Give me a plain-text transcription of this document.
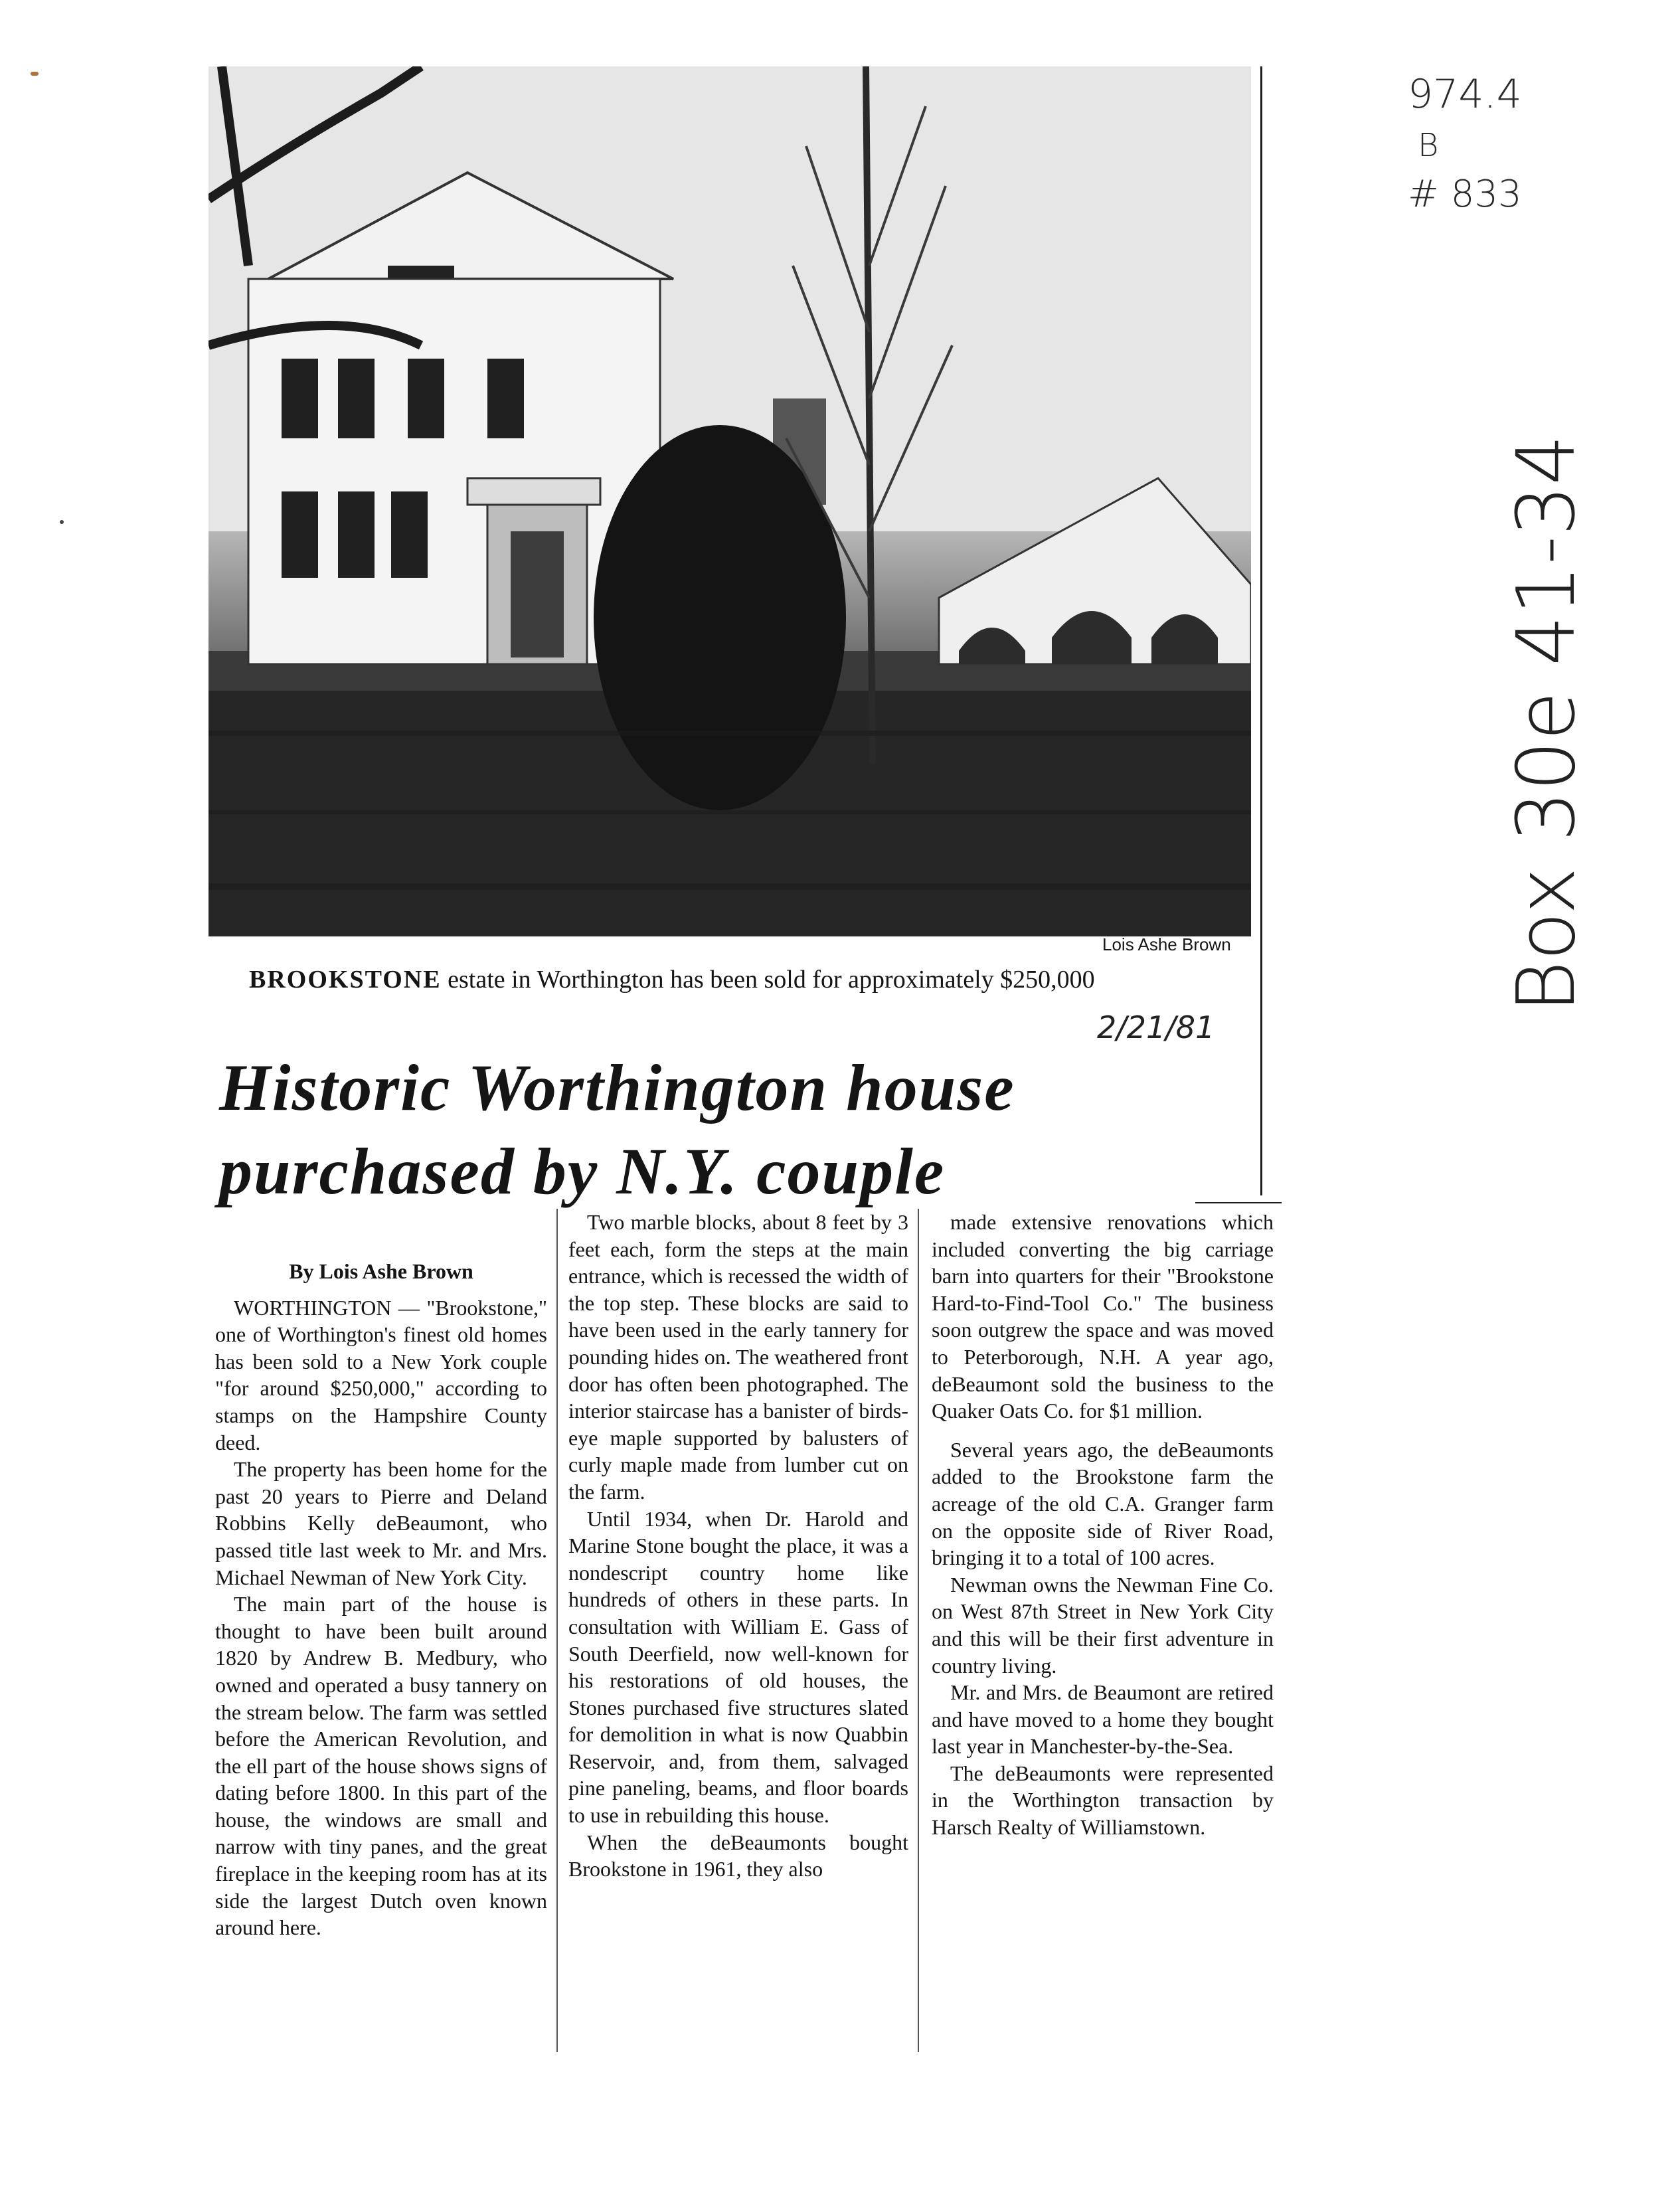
974.4
B
# 833
Box 30e 41-34
Lois Ashe Brown
BROOKSTONE estate in Worthington has been sold for approximately $250,000
2/21/81
Historic Worthington house
purchased by N.Y. couple

By Lois Ashe Brown

WORTHINGTON — "Brookstone," one of Worthington's finest old homes has been sold to a New York couple "for around $250,000," according to stamps on the Hampshire County deed.

The property has been home for the past 20 years to Pierre and Deland Robbins Kelly deBeaumont, who passed title last week to Mr. and Mrs. Michael Newman of New York City.

The main part of the house is thought to have been built around 1820 by Andrew B. Medbury, who owned and operated a busy tannery on the stream below. The farm was settled before the American Revolution, and the ell part of the house shows signs of dating before 1800. In this part of the house, the windows are small and narrow with tiny panes, and the great fireplace in the keeping room has at its side the largest Dutch oven known around here.

Two marble blocks, about 8 feet by 3 feet each, form the steps at the main entrance, which is recessed the width of the top step. These blocks are said to have been used in the early tannery for pounding hides on. The weathered front door has often been photographed. The interior staircase has a banister of birds-eye maple supported by balusters of curly maple made from lumber cut on the farm.

Until 1934, when Dr. Harold and Marine Stone bought the place, it was a nondescript country home like hundreds of others in these parts. In consultation with William E. Gass of South Deerfield, now well-known for his restorations of old houses, the Stones purchased five structures slated for demolition in what is now Quabbin Reservoir, and, from them, salvaged pine paneling, beams, and floor boards to use in rebuilding this house.

When the deBeaumonts bought Brookstone in 1961, they also

made extensive renovations which included converting the big carriage barn into quarters for their "Brookstone Hard-to-Find-Tool Co." The business soon outgrew the space and was moved to Peterborough, N.H. A year ago, deBeaumont sold the business to the Quaker Oats Co. for $1 million.

Several years ago, the deBeaumonts added to the Brookstone farm the acreage of the old C.A. Granger farm on the opposite side of River Road, bringing it to a total of 100 acres.

Newman owns the Newman Fine Co. on West 87th Street in New York City and this will be their first adventure in country living.

Mr. and Mrs. de Beaumont are retired and have moved to a home they bought last year in Manchester-by-the-Sea.

The deBeaumonts were represented in the Worthington transaction by Harsch Realty of Williamstown.
